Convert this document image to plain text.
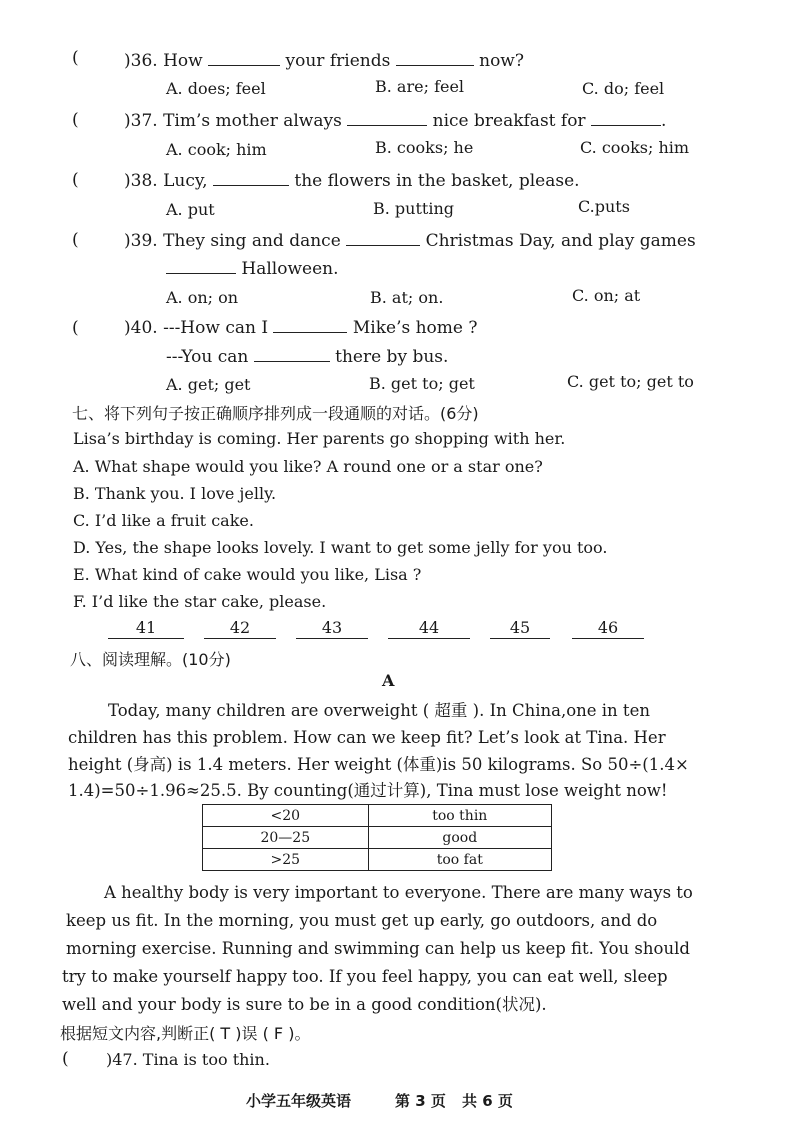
(	)36. How	your friends	now?
A. does; feel	B. are; feel	C. do; feel
(	)37. Tim’s mother always	nice breakfast for	.
A. cook; him	B. cooks; he	C. cooks; him
(	)38. Lucy,	the flowers in the basket, please.
A. put	B. putting	C.puts
(	)39. They sing and dance	Christmas Day, and play games
Halloween.
A. on; on	B. at; on.	C. on; at
(	)40. ---How can I	Mike’s home ?
---You can	there by bus.
A. get; get	B. get to; get	C. get to; get to
七、将下列句子按正确顺序排列成一段通顺的对话。(6分)
Lisa’s birthday is coming. Her parents go shopping with her.
A. What shape would you like? A round one or a star one?
B. Thank you. I love jelly.
C. I’d like a fruit cake.
D. Yes, the shape looks lovely. I want to get some jelly for you too.
E. What kind of cake would you like, Lisa ?
F. I’d like the star cake, please.
41	42	43	44	45	46
八、阅读理解。(10分)
A
Today, many children are overweight ( 超重 ). In China,one in ten
children has this problem. How can we keep fit? Let’s look at Tina. Her
height (身高) is 1.4 meters. Her weight (体重)is 50 kilograms. So 50÷(1.4×
1.4)=50÷1.96≈25.5. By counting(通过计算), Tina must lose weight now!
<20	too thin
20—25	good
>25	too fat
A healthy body is very important to everyone. There are many ways to
keep us fit. In the morning, you must get up early, go outdoors, and do
morning exercise. Running and swimming can help us keep fit. You should
try to make yourself happy too. If you feel happy, you can eat well, sleep
well and your body is sure to be in a good condition(状况).
根据短文内容,判断正( T )误 ( F )。
( )47. Tina is too thin.
小学五年级英语	第 3 页 共 6 页
